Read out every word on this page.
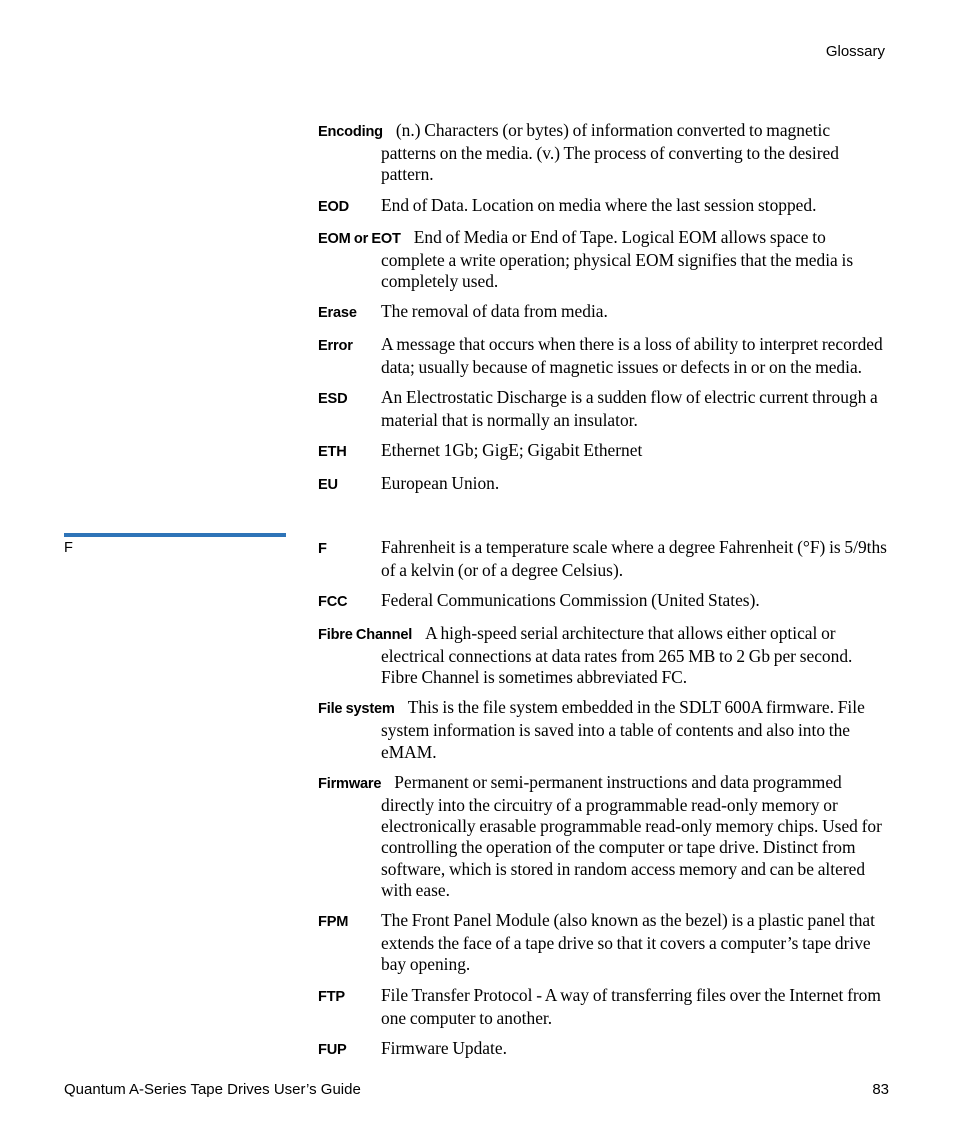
Glossary

Encoding (n.) Characters (or bytes) of information converted to magnetic patterns on the media. (v.) The process of converting to the desired pattern.

EOD End of Data. Location on media where the last session stopped.

EOM or EOT End of Media or End of Tape. Logical EOM allows space to complete a write operation; physical EOM signifies that the media is completely used.

Erase The removal of data from media.

Error A message that occurs when there is a loss of ability to interpret recorded data; usually because of magnetic issues or defects in or on the media.

ESD An Electrostatic Discharge is a sudden flow of electric current through a material that is normally an insulator.

ETH Ethernet 1Gb; GigE; Gigabit Ethernet

EU European Union.

F	F	Fahrenheit is a temperature scale where a degree Fahrenheit (°F) is 5/9ths of a kelvin (or of a degree Celsius).

FCC Federal Communications Commission (United States).

Fibre Channel A high-speed serial architecture that allows either optical or electrical connections at data rates from 265 MB to 2 Gb per second. Fibre Channel is sometimes abbreviated FC.

File system This is the file system embedded in the SDLT 600A firmware. File system information is saved into a table of contents and also into the eMAM.

Firmware Permanent or semi-permanent instructions and data programmed directly into the circuitry of a programmable read-only memory or electronically erasable programmable read-only memory chips. Used for controlling the operation of the computer or tape drive. Distinct from software, which is stored in random access memory and can be altered with ease.

FPM The Front Panel Module (also known as the bezel) is a plastic panel that extends the face of a tape drive so that it covers a computer’s tape drive bay opening.

FTP File Transfer Protocol - A way of transferring files over the Internet from one computer to another.

FUP Firmware Update.

Quantum A-Series Tape Drives User’s Guide	83
